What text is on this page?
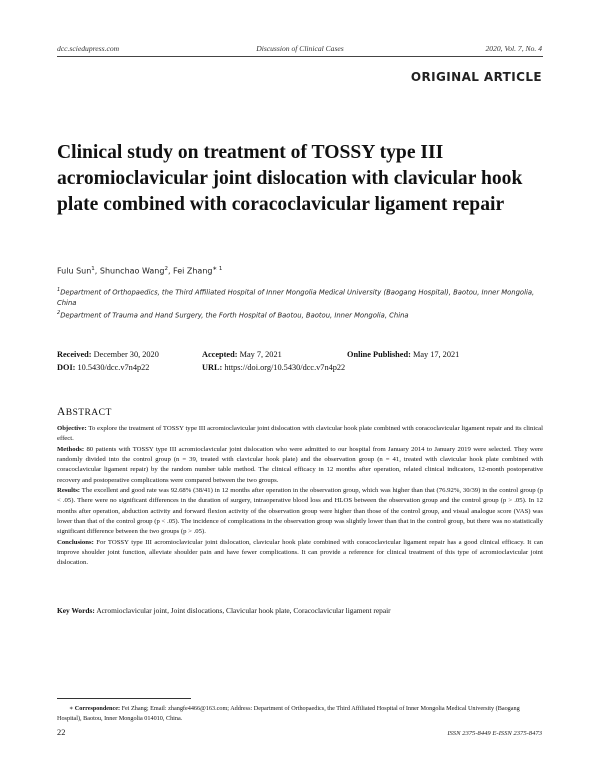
dcc.sciedupress.com	Discussion of Clinical Cases	2020, Vol. 7, No. 4
ORIGINAL ARTICLE
Clinical study on treatment of TOSSY type III acromioclavicular joint dislocation with clavicular hook plate combined with coracoclavicular ligament repair
Fulu Sun$^1$, Shunchao Wang$^2$, Fei Zhang$^{∗ 1}$
$^1$Department of Orthopaedics, the Third Affiliated Hospital of Inner Mongolia Medical University (Baogang Hospital), Baotou, Inner Mongolia, China
$^2$Department of Trauma and Hand Surgery, the Forth Hospital of Baotou, Baotou, Inner Mongolia, China
Received: December 30, 2020	Accepted: May 7, 2021	Online Published: May 17, 2021
DOI: 10.5430/dcc.v7n4p22	URL: https://doi.org/10.5430/dcc.v7n4p22
ABSTRACT

Objective: To explore the treatment of TOSSY type III acromioclavicular joint dislocation with clavicular hook plate combined with coracoclavicular ligament repair and its clinical effect.

Methods: 80 patients with TOSSY type III acromioclavicular joint dislocation who were admitted to our hospital from January 2014 to January 2019 were selected. They were randomly divided into the control group (n = 39, treated with clavicular hook plate) and the observation group (n = 41, treated with clavicular hook plate combined with coracoclavicular ligament repair) by the random number table method. The clinical efficacy in 12 months after operation, related clinical indicators, 12-month postoperative recovery and postoperative complications were compared between the two groups.

Results: The excellent and good rate was 92.68% (38/41) in 12 months after operation in the observation group, which was higher than that (76.92%, 30/39) in the control group (p < .05). There were no significant differences in the duration of surgery, intraoperative blood loss and HLOS between the observation group and the control group (p > .05). In 12 months after operation, abduction activity and forward flexion activity of the observation group were higher than those of the control group, and visual analogue score (VAS) was lower than that of the control group (p < .05). The incidence of complications in the observation group was slightly lower than that in the control group, but there was no statistically significant difference between the two groups (p > .05).

Conclusions: For TOSSY type III acromioclavicular joint dislocation, clavicular hook plate combined with coracoclavicular ligament repair has a good clinical efficacy. It can improve shoulder joint function, alleviate shoulder pain and have fewer complications. It can provide a reference for clinical treatment of this type of acromioclavicular joint dislocation.

Key Words: Acromioclavicular joint, Joint dislocations, Clavicular hook plate, Coracoclavicular ligament repair
∗ Correspondence: Fei Zhang; Email: zhangfe4466@163.com; Address: Department of Orthopaedics, the Third Affiliated Hospital of Inner Mongolia Medical University (Baogang Hospital), Baotou, Inner Mongolia 014010, China.
22	ISSN 2375-8449 E-ISSN 2375-8473
